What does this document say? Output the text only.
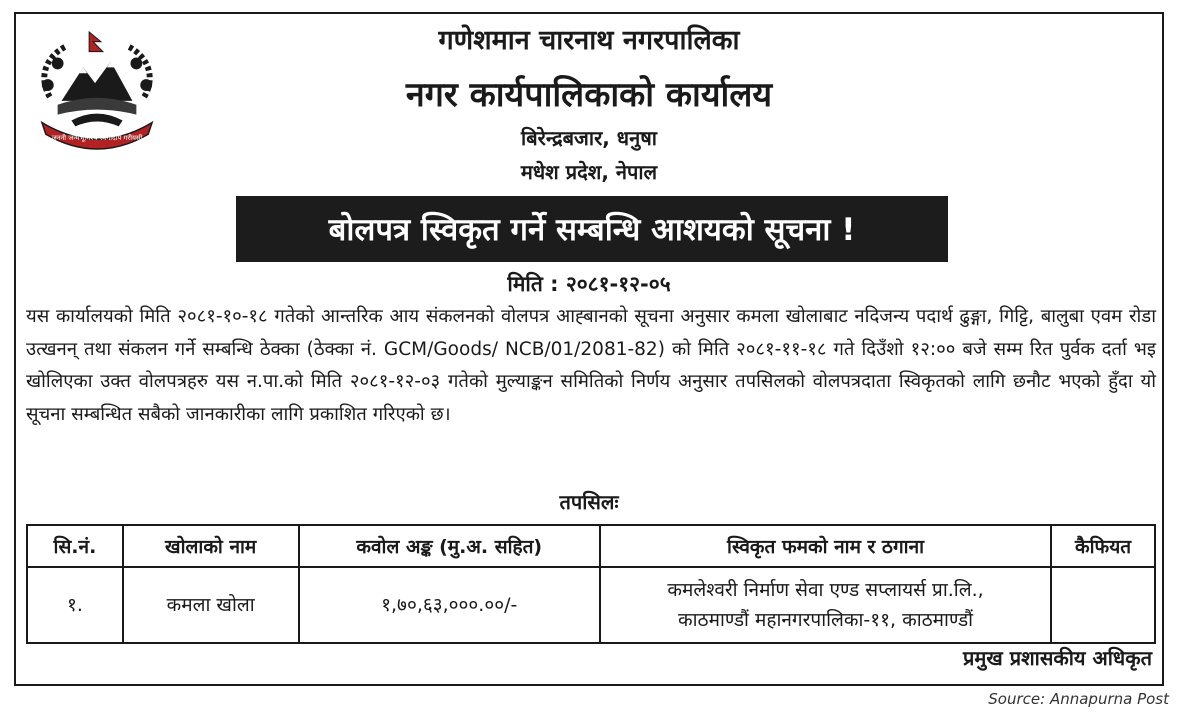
जननी जन्मभूमिश्च स्वर्गादपि गरीयसी
गणेशमान चारनाथ नगरपालिका
नगर कार्यपालिकाको कार्यालय
बिरेन्द्रबजार, धनुषा
मधेश प्रदेश, नेपाल
बोलपत्र स्विकृत गर्ने सम्बन्धि आशयको सूचना !
मिति : २०८१-१२-०५
यस कार्यालयको मिति २०८१-१०-१८ गतेको आन्तरिक आय संकलनको वोलपत्र आह्बानको सूचना अनुसार कमला खोलाबाट नदिजन्य पदार्थ ढुङ्गा, गिट्टि, बालुबा एवम रोडा उत्खनन् तथा संकलन गर्ने सम्बन्धि ठेक्का (ठेक्का नं. GCM/Goods/ NCB/01/2081-82) को मिति २०८१-११-१८ गते दिउँशो १२:०० बजे सम्म रित पुर्वक दर्ता भइ खोलिएका उक्त वोलपत्रहरु यस न.पा.को मिति २०८१-१२-०३ गतेको मुल्याङ्कन समितिको निर्णय अनुसार तपसिलको वोलपत्रदाता स्विकृतको लागि छनौट भएको हुँदा यो सूचना सम्बन्धित सबैको जानकारीका लागि प्रकाशित गरिएको छ।
तपसिलः
सि.नं.	खोलाको नाम	कवोल अङ्क (मु.अ. सहित)	स्विकृत फमको नाम र ठगाना	कैफियत
१.	कमला खोला	१,७०,६३,०००.००/-	कमलेश्वरी निर्माण सेवा एण्ड सप्लायर्स प्रा.लि.,
काठमाण्डौं महानगरपालिका-११, काठमाण्डौं	

प्रमुख प्रशासकीय अधिकृत
Source: Annapurna Post
